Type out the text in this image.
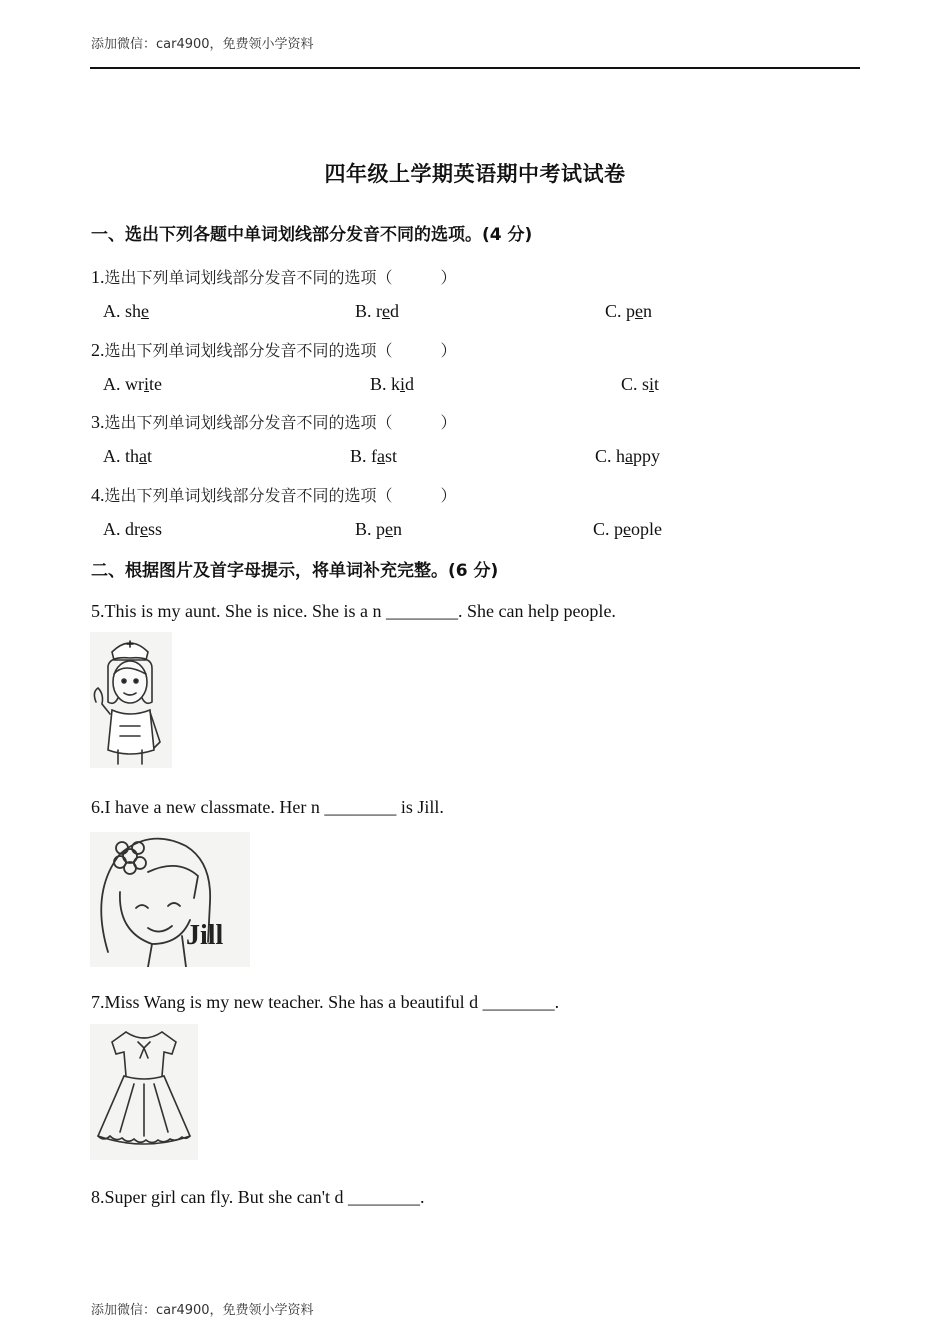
添加微信：car4900，免费领小学资料
四年级上学期英语期中考试试卷
一、选出下列各题中单词划线部分发音不同的选项。(4 分)
1.选出下列单词划线部分发音不同的选项（　　　）
A. she	B. red	C. pen
2.选出下列单词划线部分发音不同的选项（　　　）
A. write	B. kid	C. sit
3.选出下列单词划线部分发音不同的选项（　　　）
A. that	B. fast	C. happy
4.选出下列单词划线部分发音不同的选项（　　　）
A. dress	B. pen	C. people
二、根据图片及首字母提示，将单词补充完整。(6 分)
5.This is my aunt. She is nice. She is a n ________. She can help people.
6.I have a new classmate. Her n ________ is Jill.
Jill
7.Miss Wang is my new teacher. She has a beautiful d ________.
8.Super girl can fly. But she can't d ________.
添加微信：car4900，免费领小学资料
